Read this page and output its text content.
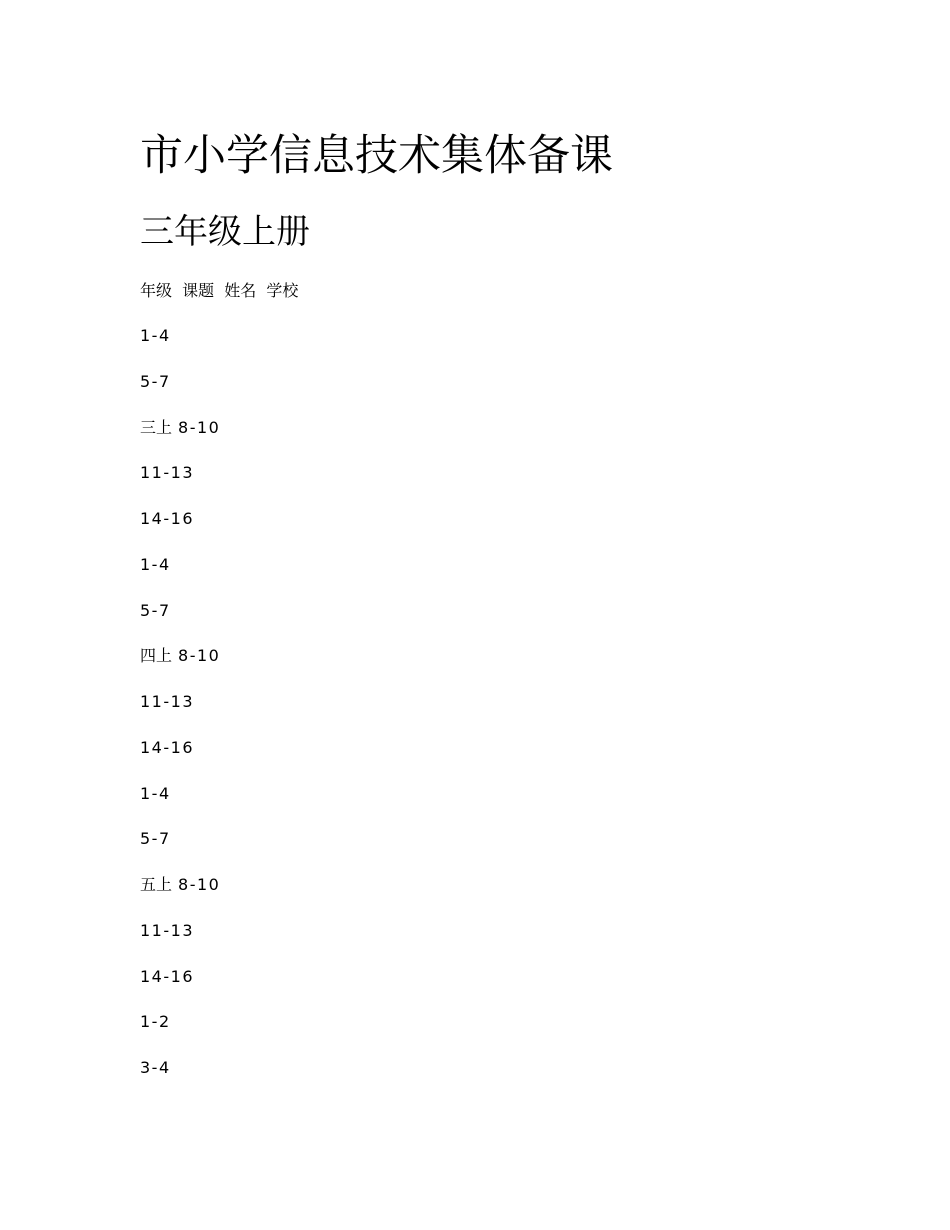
市小学信息技术集体备课
三年级上册
年级 课题 姓名 学校
1-4
5-7
三上 8-10
11-13
14-16
1-4
5-7
四上 8-10
11-13
14-16
1-4
5-7
五上 8-10
11-13
14-16
1-2
3-4
